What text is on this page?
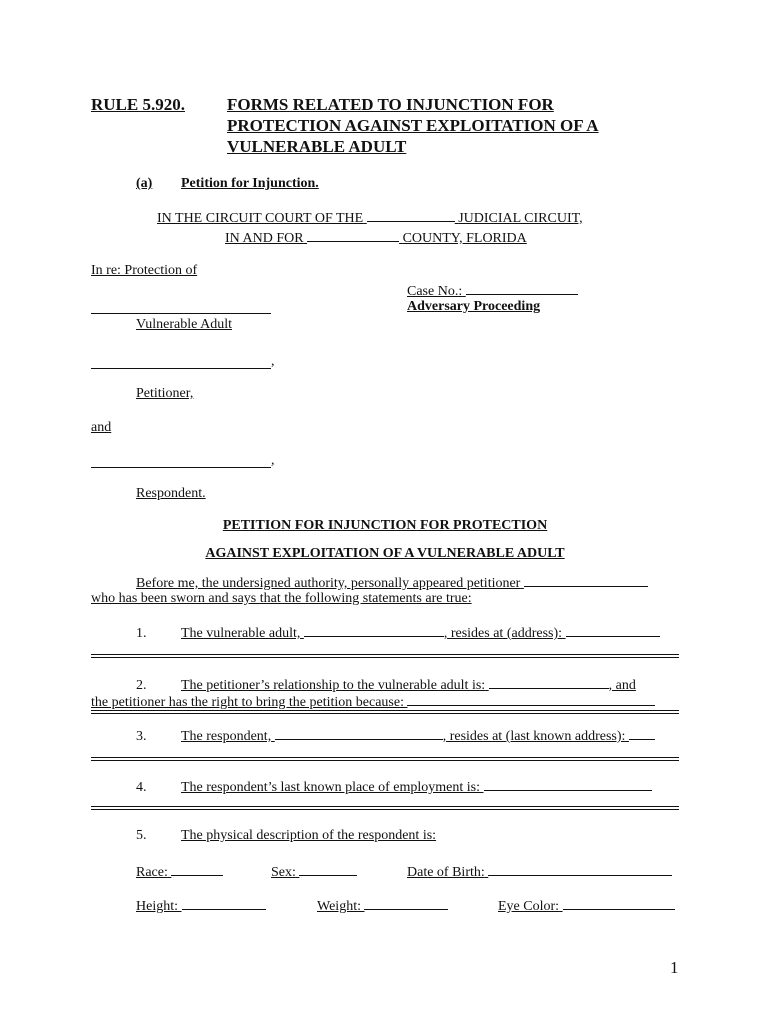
RULE 5.920. FORMS RELATED TO INJUNCTION FOR
PROTECTION AGAINST EXPLOITATION OF A
VULNERABLE ADULT
(a) Petition for Injunction.
IN THE CIRCUIT COURT OF THE	JUDICIAL CIRCUIT,
IN AND FOR	COUNTY, FLORIDA
In re: Protection of
Case No.:
Adversary Proceeding
Vulnerable Adult
,
Petitioner,
and
,
Respondent.
PETITION FOR INJUNCTION FOR PROTECTION
AGAINST EXPLOITATION OF A VULNERABLE ADULT
Before me, the undersigned authority, personally appeared petitioner
who has been sworn and says that the following statements are true:
1. The vulnerable adult,	, resides at (address):
2. The petitioner’s relationship to the vulnerable adult is:	, and
the petitioner has the right to bring the petition because:
3. The respondent,	, resides at (last known address):
4. The respondent’s last known place of employment is:
5. The physical description of the respondent is:
Race:	Sex:	Date of Birth:
Height:	Weight:	Eye Color:
1
